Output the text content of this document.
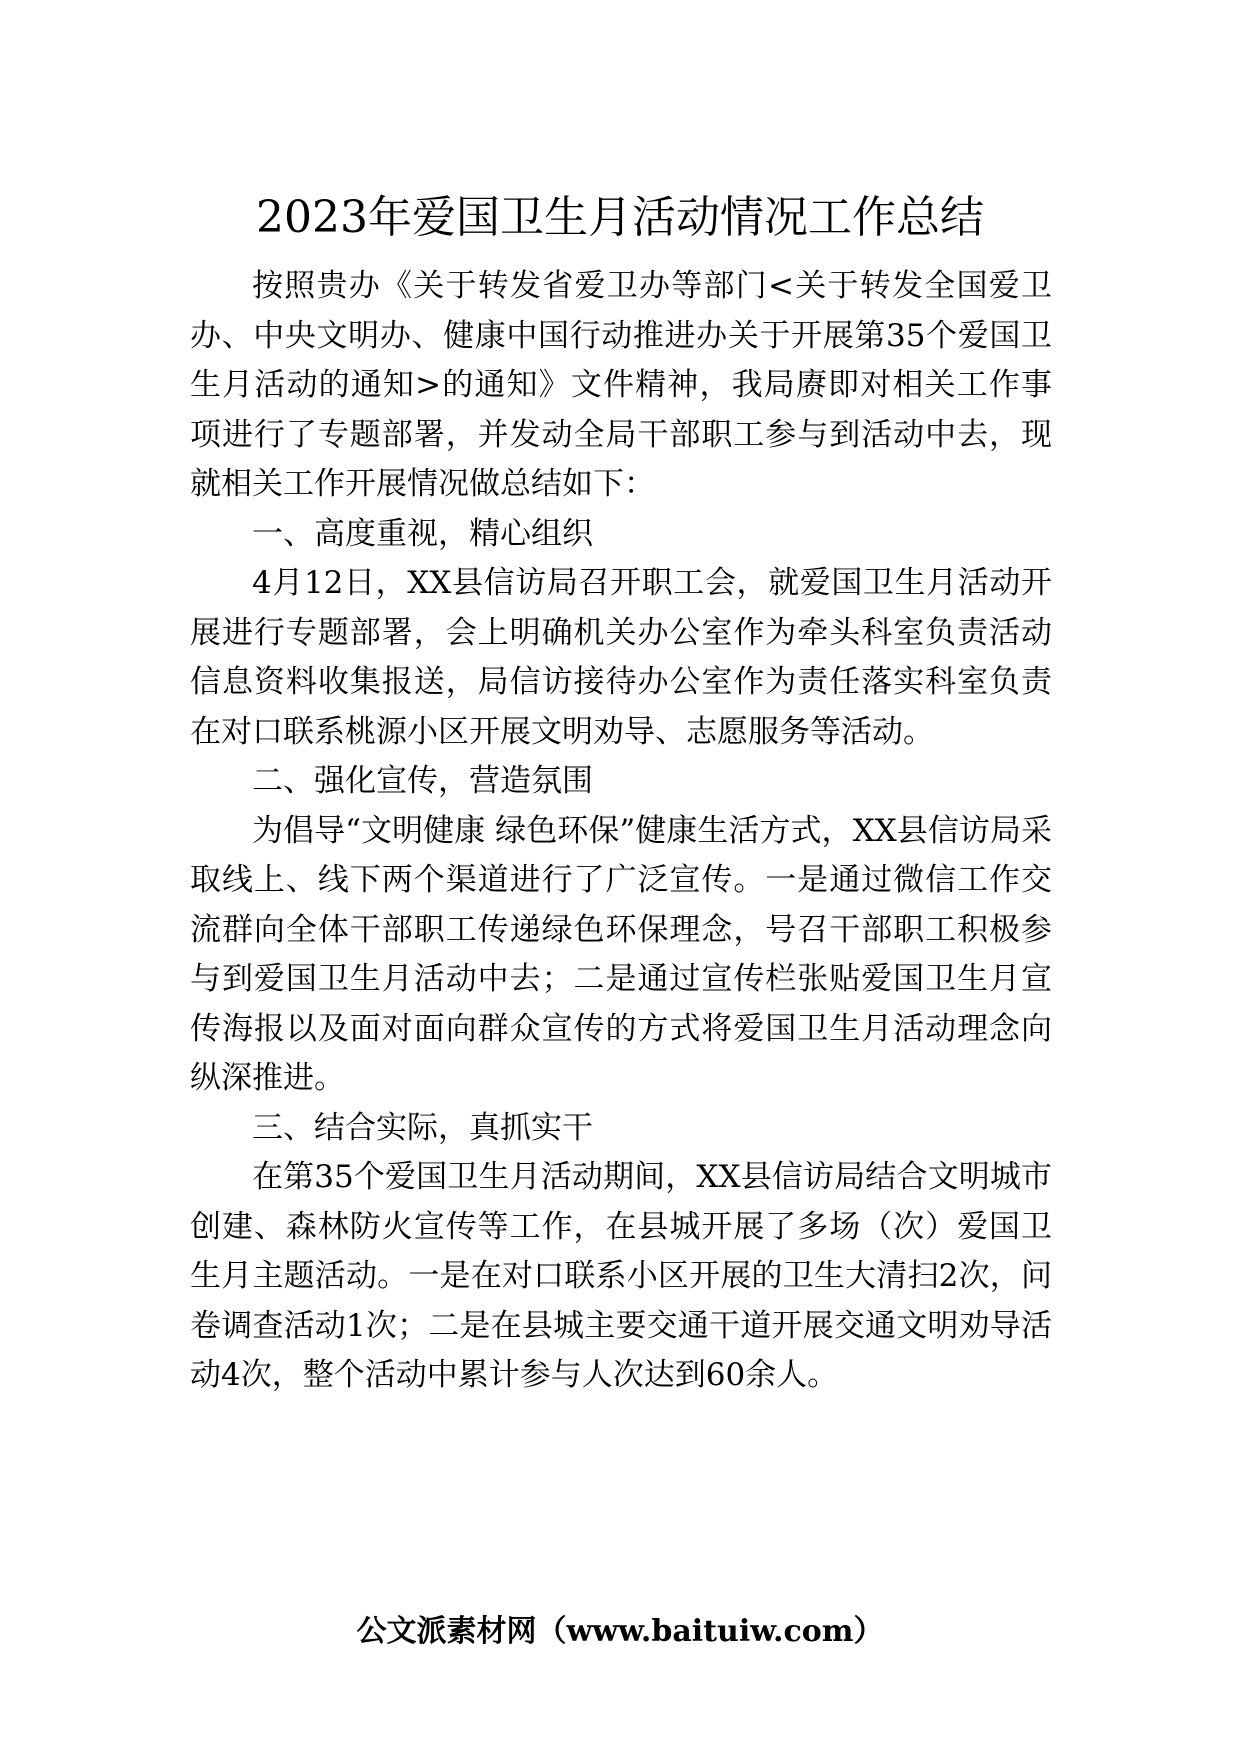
2023年爱国卫生月活动情况工作总结

按照贵办《关于转发省爱卫办等部门<关于转发全国爱卫办、中央文明办、健康中国行动推进办关于开展第35个爱国卫生月活动的通知>的通知》文件精神，我局赓即对相关工作事项进行了专题部署，并发动全局干部职工参与到活动中去，现就相关工作开展情况做总结如下：

一、高度重视，精心组织

4月12日，XX县信访局召开职工会，就爱国卫生月活动开展进行专题部署，会上明确机关办公室作为牵头科室负责活动信息资料收集报送，局信访接待办公室作为责任落实科室负责在对口联系桃源小区开展文明劝导、志愿服务等活动。

二、强化宣传，营造氛围

为倡导“文明健康 绿色环保”健康生活方式，XX县信访局采取线上、线下两个渠道进行了广泛宣传。一是通过微信工作交流群向全体干部职工传递绿色环保理念，号召干部职工积极参与到爱国卫生月活动中去；二是通过宣传栏张贴爱国卫生月宣传海报以及面对面向群众宣传的方式将爱国卫生月活动理念向纵深推进。

三、结合实际，真抓实干

在第35个爱国卫生月活动期间，XX县信访局结合文明城市创建、森林防火宣传等工作，在县城开展了多场（次）爱国卫生月主题活动。一是在对口联系小区开展的卫生大清扫2次，问卷调查活动1次；二是在县城主要交通干道开展交通文明劝导活动4次，整个活动中累计参与人次达到60余人。

公文派素材网（www.baituiw.com）
